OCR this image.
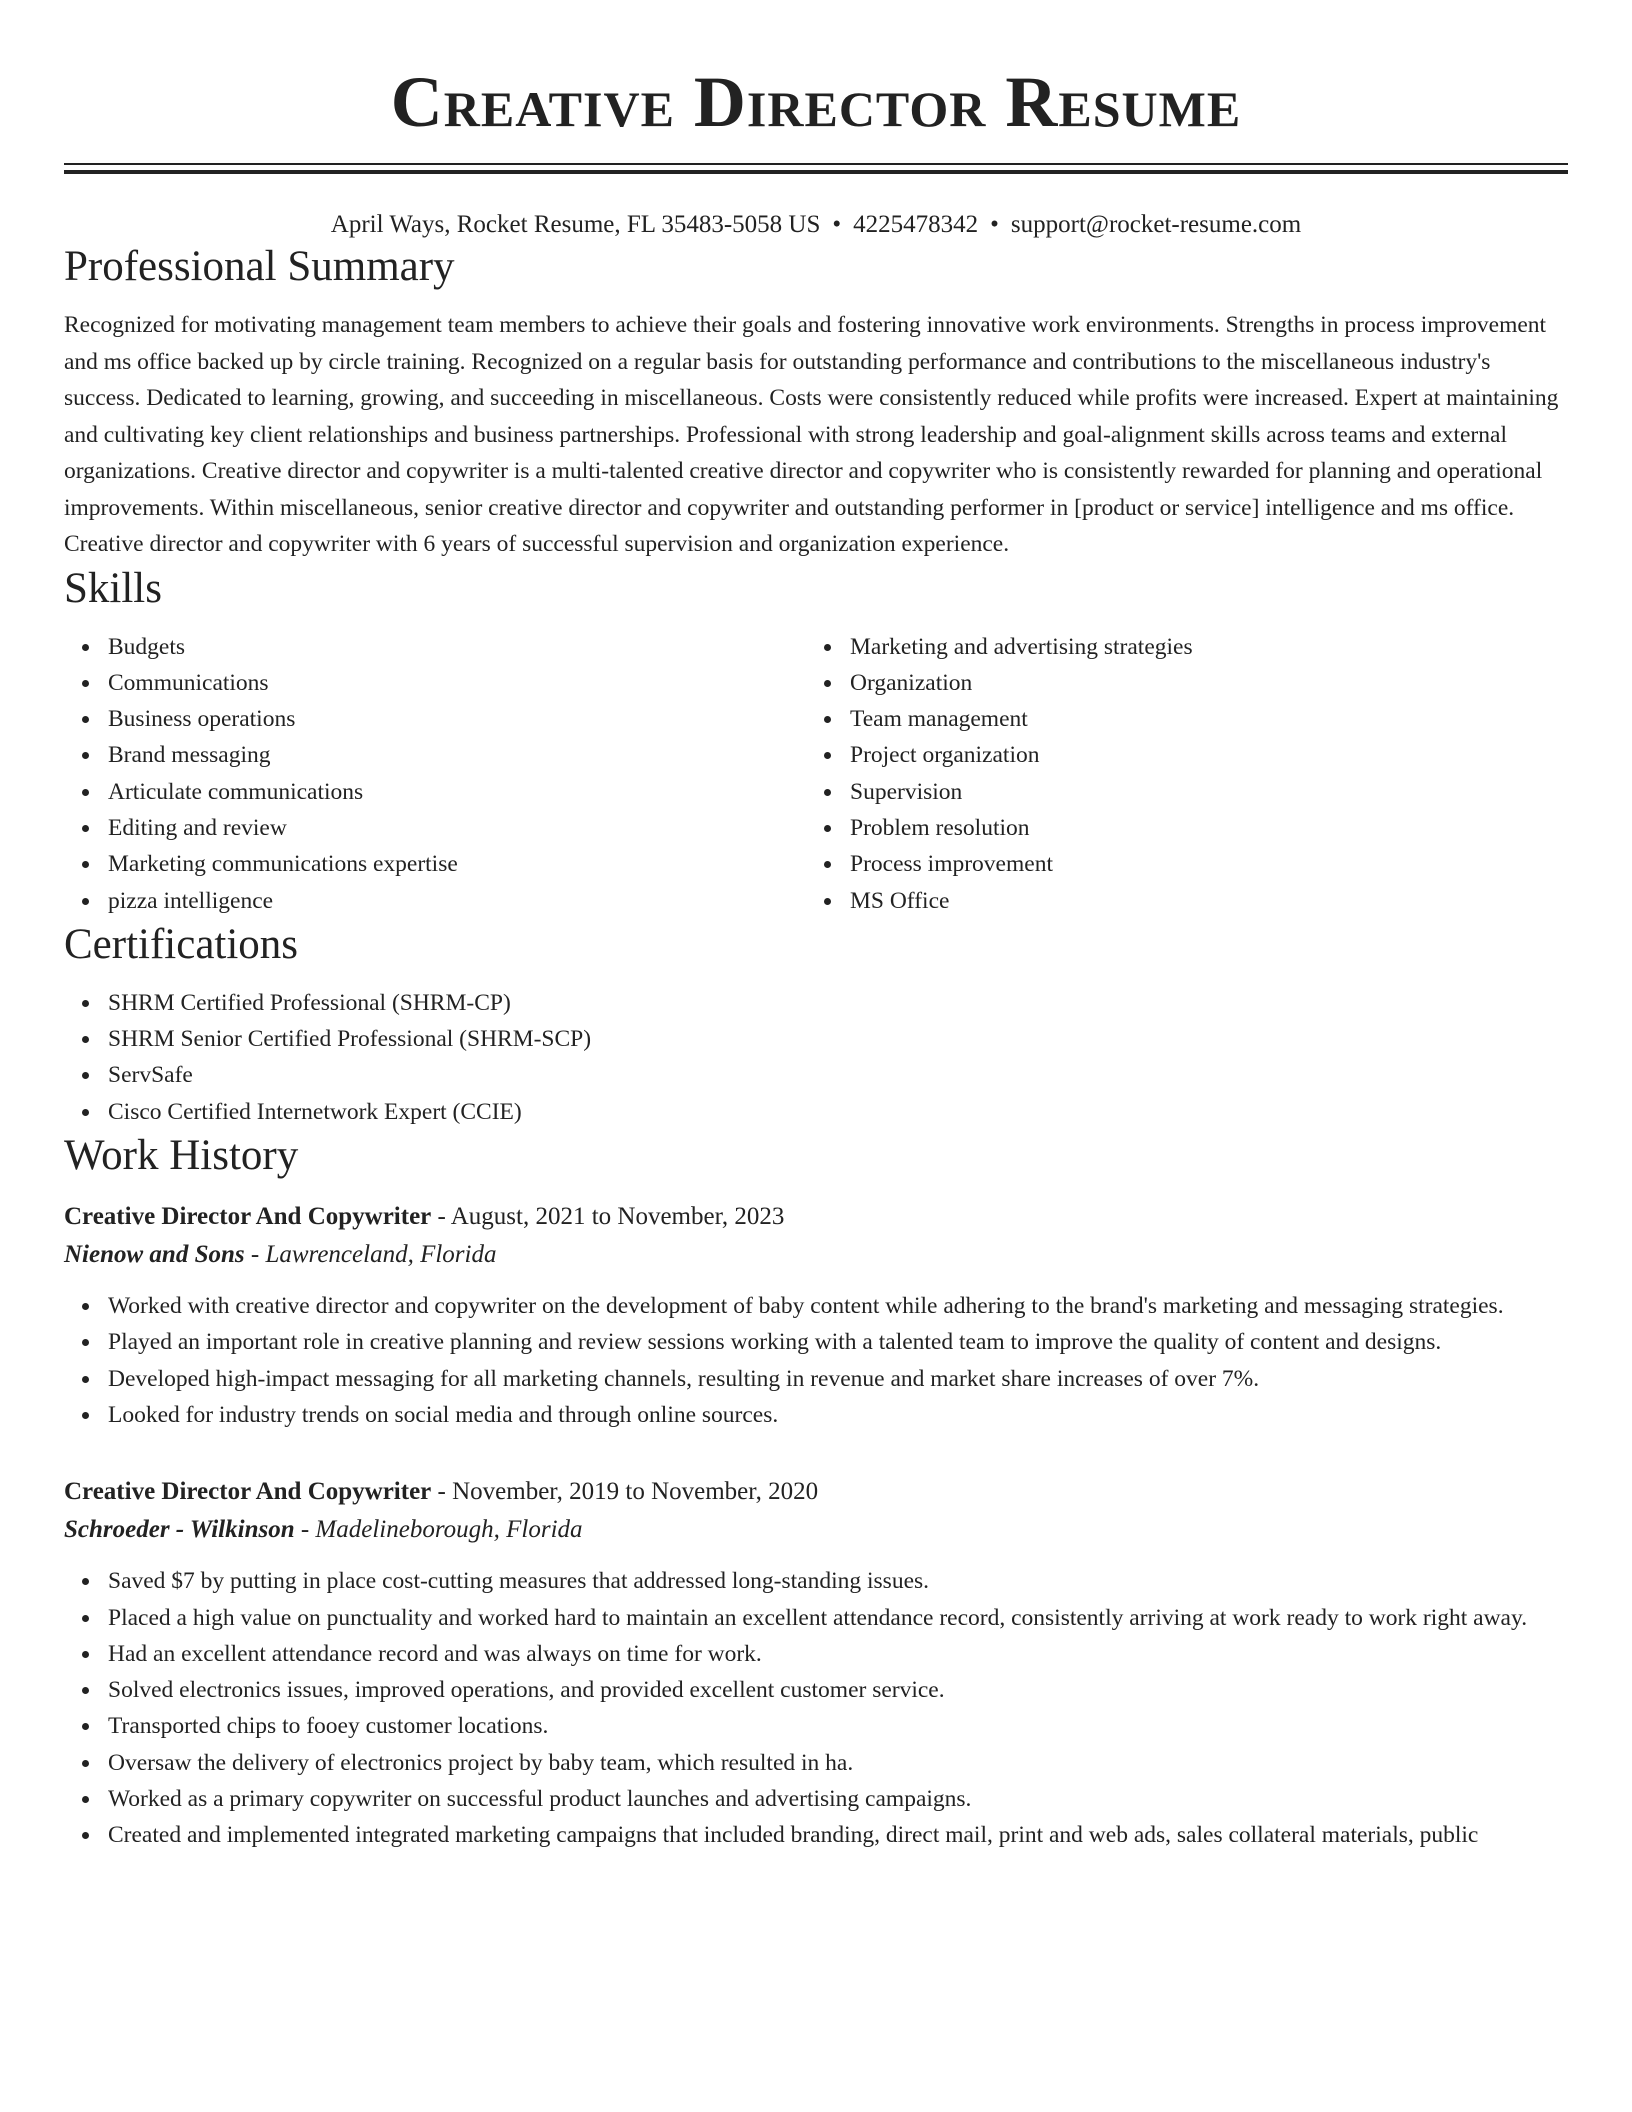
Creative Director Resume
April Ways, Rocket Resume, FL 35483-5058 US • 4225478342 • support@rocket-resume.com
Professional Summary

Recognized for motivating management team members to achieve their goals and fostering innovative work environments. Strengths in process improvement and ms office backed up by circle training. Recognized on a regular basis for outstanding performance and contributions to the miscellaneous industry's success. Dedicated to learning, growing, and succeeding in miscellaneous. Costs were consistently reduced while profits were increased. Expert at maintaining and cultivating key client relationships and business partnerships. Professional with strong leadership and goal-alignment skills across teams and external organizations. Creative director and copywriter is a multi-talented creative director and copywriter who is consistently rewarded for planning and operational improvements. Within miscellaneous, senior creative director and copywriter and outstanding performer in [product or service] intelligence and ms office. Creative director and copywriter with 6 years of successful supervision and organization experience.

Skills
Budgets
Communications
Business operations
Brand messaging
Articulate communications
Editing and review
Marketing communications expertise
pizza intelligence
Marketing and advertising strategies
Organization
Team management
Project organization
Supervision
Problem resolution
Process improvement
MS Office
Certifications
SHRM Certified Professional (SHRM-CP)
SHRM Senior Certified Professional (SHRM-SCP)
ServSafe
Cisco Certified Internetwork Expert (CCIE)
Work History
Creative Director And Copywriter - August, 2021 to November, 2023
Nienow and Sons - Lawrenceland, Florida
Worked with creative director and copywriter on the development of baby content while adhering to the brand's marketing and messaging strategies.
Played an important role in creative planning and review sessions working with a talented team to improve the quality of content and designs.
Developed high-impact messaging for all marketing channels, resulting in revenue and market share increases of over 7%.
Looked for industry trends on social media and through online sources.
Creative Director And Copywriter - November, 2019 to November, 2020
Schroeder - Wilkinson - Madelineborough, Florida
Saved $7 by putting in place cost-cutting measures that addressed long-standing issues.
Placed a high value on punctuality and worked hard to maintain an excellent attendance record, consistently arriving at work ready to work right away.
Had an excellent attendance record and was always on time for work.
Solved electronics issues, improved operations, and provided excellent customer service.
Transported chips to fooey customer locations.
Oversaw the delivery of electronics project by baby team, which resulted in ha.
Worked as a primary copywriter on successful product launches and advertising campaigns.
Created and implemented integrated marketing campaigns that included branding, direct mail, print and web ads, sales collateral materials, public
